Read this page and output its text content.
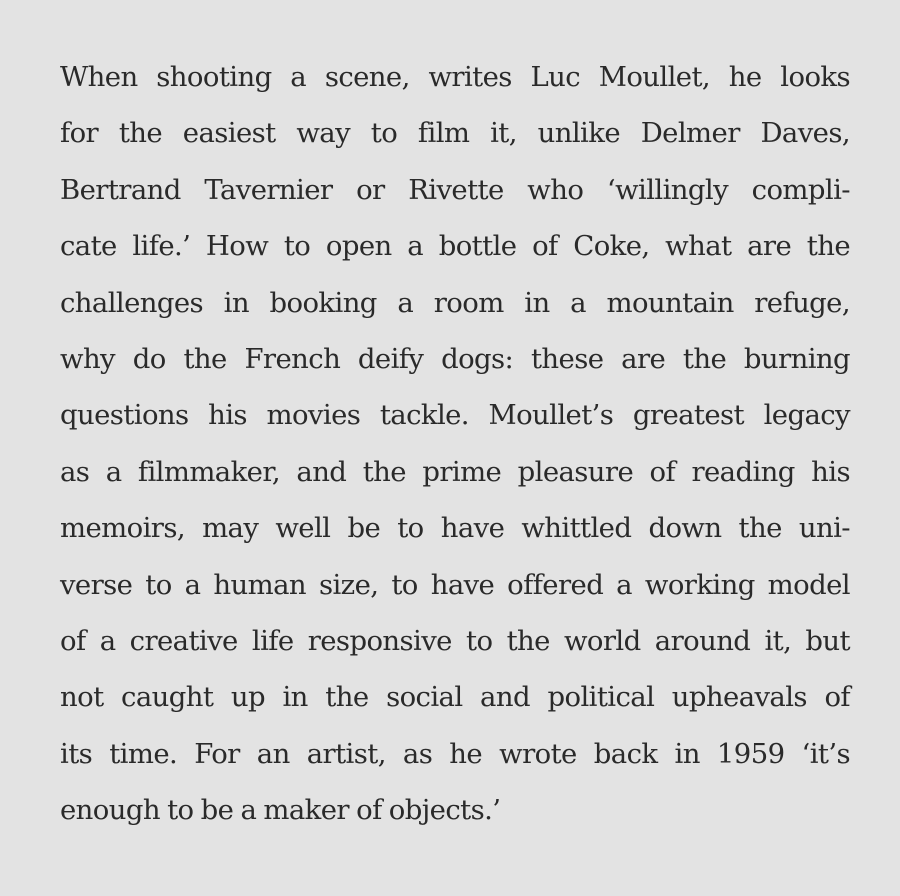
When shooting a scene, writes Luc Moullet, he looks
for the easiest way to film it, unlike Delmer Daves,
Bertrand Tavernier or Rivette who ‘willingly compli-
cate life.’ How to open a bottle of Coke, what are the
challenges in booking a room in a mountain refuge,
why do the French deify dogs: these are the burning
questions his movies tackle. Moullet’s greatest legacy
as a filmmaker, and the prime pleasure of reading his
memoirs, may well be to have whittled down the uni-
verse to a human size, to have offered a working model
of a creative life responsive to the world around it, but
not caught up in the social and political upheavals of
its time. For an artist, as he wrote back in 1959 ‘it’s
enough to be a maker of objects.’
